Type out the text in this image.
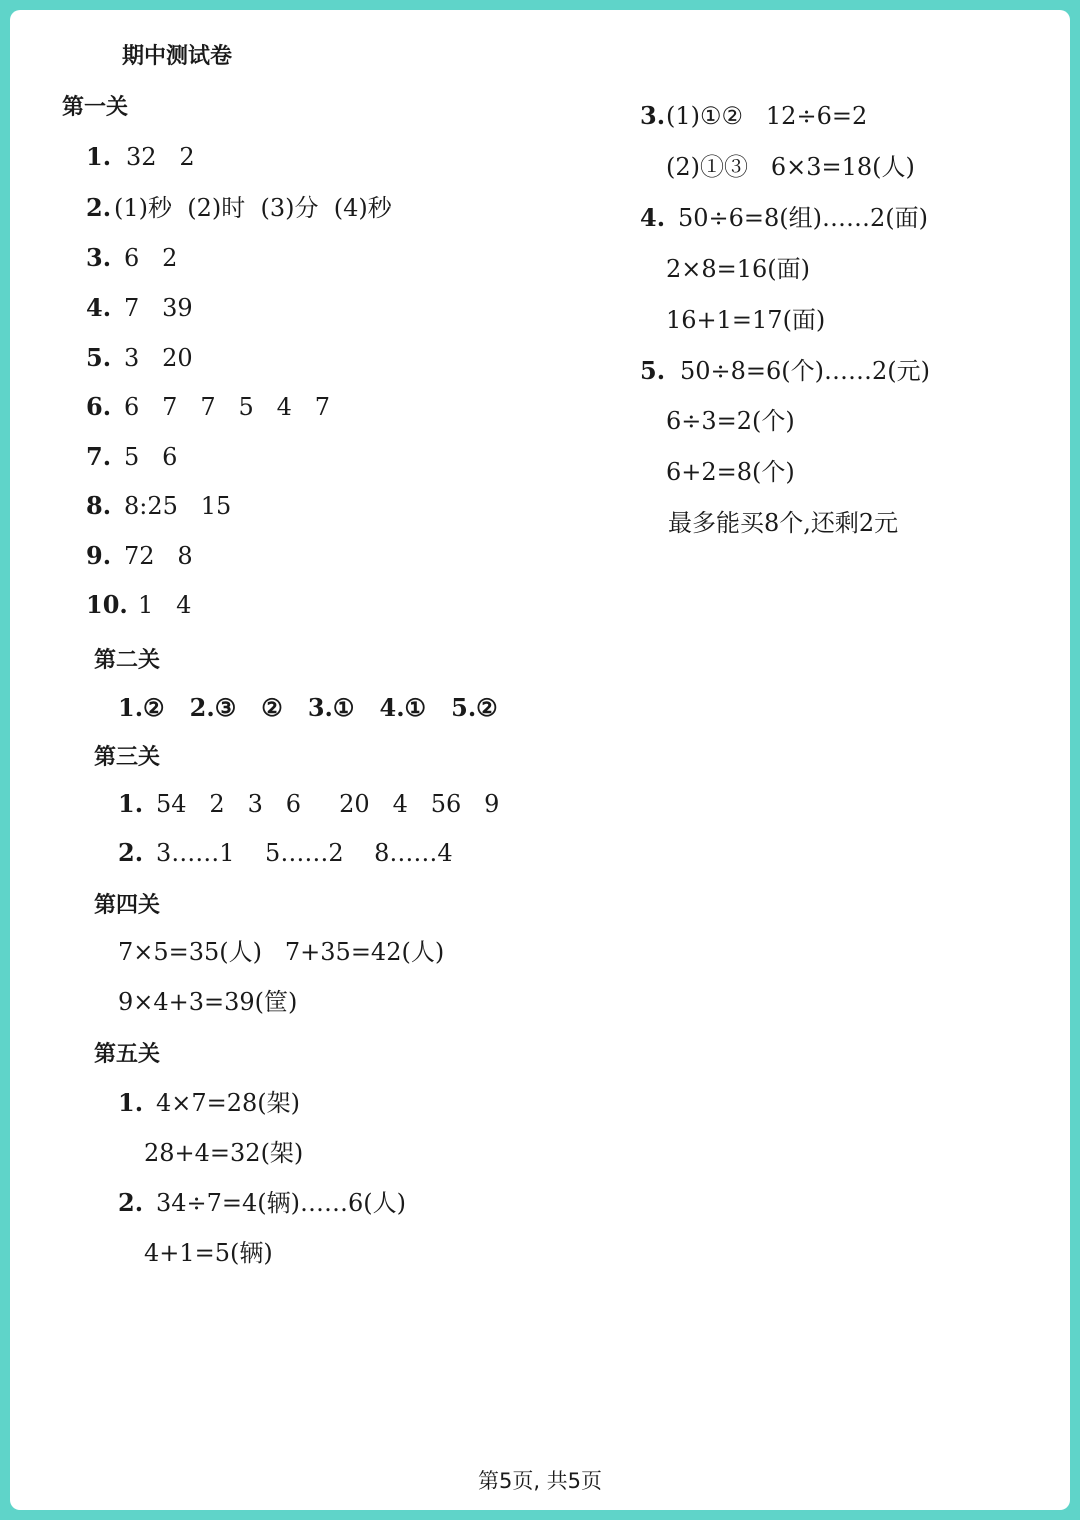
期中测试卷
第一关
1. 32   2
2. (1)秒  (2)时  (3)分  (4)秒
3. 6   2
4. 7   39
5. 3   20
6. 6   7   7   5   4   7
7. 5   6
8. 8:25   15
9. 72   8
10. 1   4
第二关
1.②   2.③   ②   3.①   4.①   5.②
第三关
1. 54   2   3   6     20   4   56   9
2. 3……1    5……2    8……4
第四关
7×5=35(人)   7+35=42(人)
9×4+3=39(筐)
第五关
1. 4×7=28(架)
28+4=32(架)
2. 34÷7=4(辆)……6(人)
4+1=5(辆)
3. (1)①②   12÷6=2
(2)①③   6×3=18(人)
4. 50÷6=8(组)……2(面)
2×8=16(面)
16+1=17(面)
5. 50÷8=6(个)……2(元)
6÷3=2(个)
6+2=8(个)
最多能买8个,还剩2元
第5页, 共5页
